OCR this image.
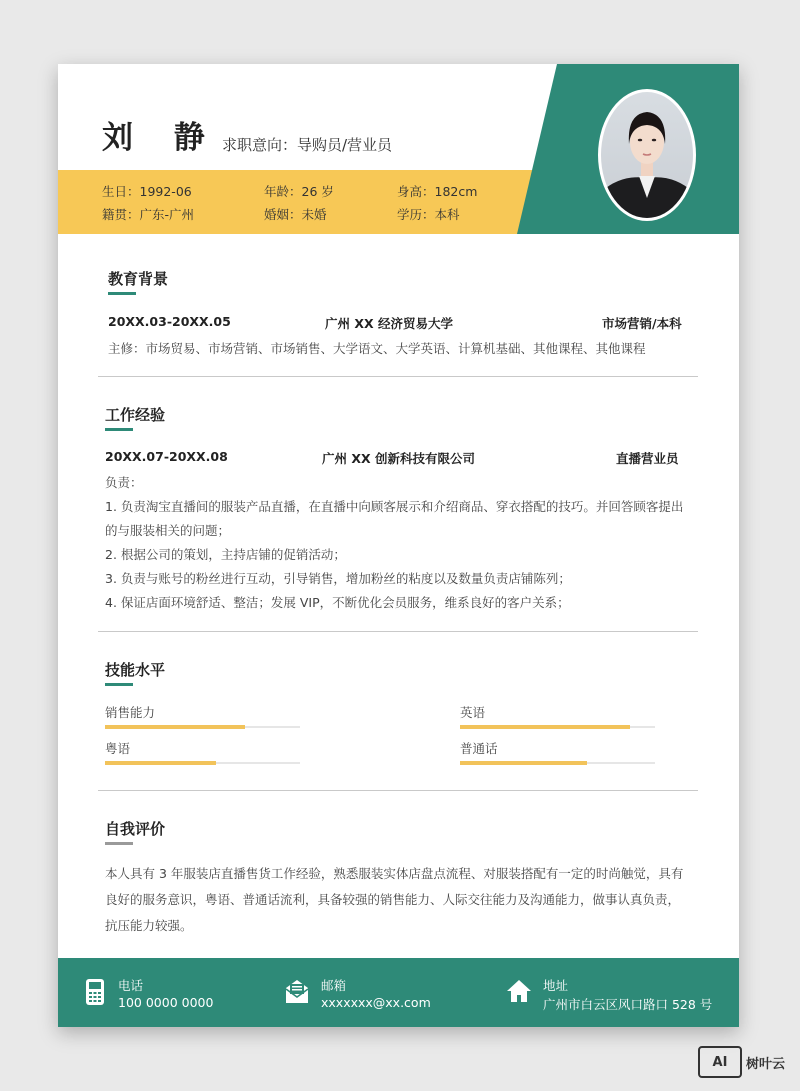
刘 静 求职意向：导购员/营业员
生日：1992-06	年龄：26 岁	身高：182cm
籍贯：广东-广州	婚姻：未婚	学历：本科
教育背景
20XX.03-20XX.05	广州 XX 经济贸易大学	市场营销/本科
主修：市场贸易、市场营销、市场销售、大学语文、大学英语、计算机基础、其他课程、其他课程
工作经验
20XX.07-20XX.08	广州 XX 创新科技有限公司	直播营业员
负责：
1. 负责淘宝直播间的服装产品直播，在直播中向顾客展示和介绍商品、穿衣搭配的技巧。并回答顾客提出
的与服装相关的问题；
2. 根据公司的策划，主持店铺的促销活动；
3. 负责与账号的粉丝进行互动，引导销售，增加粉丝的粘度以及数量负责店铺陈列；
4. 保证店面环境舒适、整洁；发展 VIP，不断优化会员服务，维系良好的客户关系；
技能水平
销售能力	英语
粤语	普通话
自我评价
本人具有 3 年服装店直播售货工作经验，熟悉服装实体店盘点流程、对服装搭配有一定的时尚触觉，具有
良好的服务意识，粤语、普通话流利，具备较强的销售能力、人际交往能力及沟通能力，做事认真负责，
抗压能力较强。
电话
100 0000 0000
邮箱
xxxxxxx@xx.com
地址
广州市白云区风口路口 528 号
AI	树叶云
